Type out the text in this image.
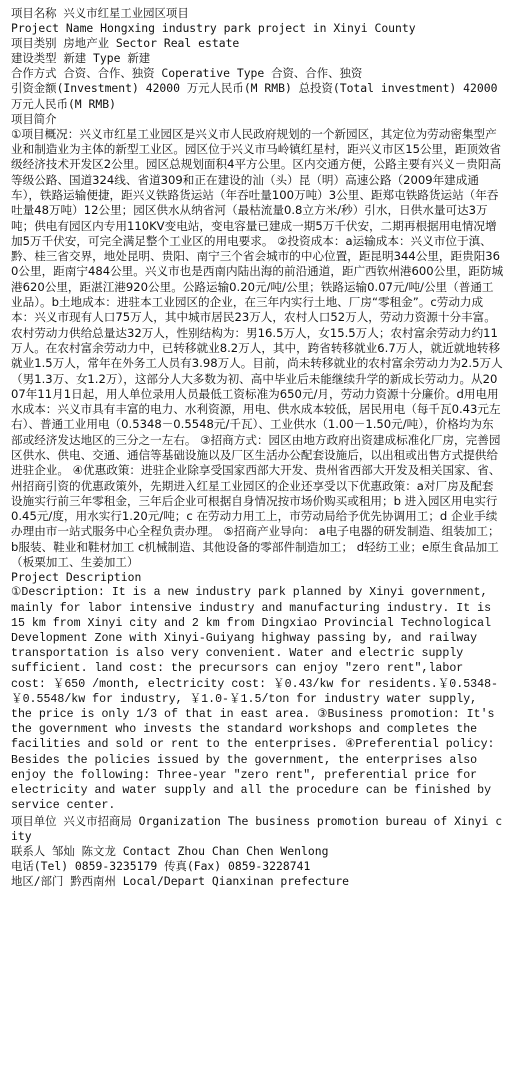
项目名称 兴义市红星工业园区项目

Project Name Hongxing industry park project in Xinyi County

项目类别 房地产业 Sector Real estate

建设类型 新建 Type 新建

合作方式 合资、合作、独资 Coperative Type 合资、合作、独资

引资金额(Investment) 42000 万元人民币(M RMB) 总投资(Total investment) 42000 万元人民币(M RMB)

项目简介

①项目概况：兴义市红星工业园区是兴义市人民政府规划的一个新园区，其定位为劳动密集型产业和制造业为主体的新型工业区。园区位于兴义市马岭镇红星村，距兴义市区15公里，距顶效省级经济技术开发区2公里。园区总规划面积4平方公里。区内交通方便，公路主要有兴义－贵阳高等级公路、国道324线、省道309和正在建设的汕（头）昆（明）高速公路（2009年建成通车），铁路运输便捷，距兴义铁路货运站（年吞吐量100万吨）3公里、距郑屯铁路货运站（年吞吐量48万吨）12公里；园区供水从纳省河（最枯流量0.8立方米/秒）引水，日供水量可达3万吨；供电有园区内专用110KV变电站，变电容量已建成一期5万千伏安，二期再根据用电情况增加5万千伏安，可完全满足整个工业区的用电要求。 ②投资成本：a运输成本：兴义市位于滇、黔、桂三省交界，地处昆明、贵阳、南宁三个省会城市的中心位置，距昆明344公里，距贵阳360公里，距南宁484公里。兴义市也是西南内陆出海的前沿通道，距广西钦州港600公里，距防城港620公里，距湛江港920公里。公路运输0.20元/吨/公里；铁路运输0.07元/吨/公里（普通工业品）。b土地成本：进驻本工业园区的企业，在三年内实行土地、厂房“零租金”。c劳动力成本：兴义市现有人口75万人，其中城市居民23万人，农村人口52万人，劳动力资源十分丰富。农村劳动力供给总量达32万人，性别结构为：男16.5万人，女15.5万人；农村富余劳动力约11万人。在农村富余劳动力中，已转移就业8.2万人，其中，跨省转移就业6.7万人，就近就地转移就业1.5万人，常年在外务工人员有3.98万人。目前，尚未转移就业的农村富余劳动力为2.5万人（男1.3万、女1.2万），这部分人大多数为初、高中毕业后未能继续升学的新成长劳动力。从2007年11月1日起，用人单位录用人员最低工资标准为650元/月，劳动力资源十分廉价。d用电用水成本：兴义市具有丰富的电力、水利资源，用电、供水成本较低，居民用电（每千瓦0.43元左右）、普通工业用电（0.5348－0.5548元/千瓦）、工业供水（1.00－1.50元/吨），价格均为东部或经济发达地区的三分之一左右。 ③招商方式：园区由地方政府出资建成标准化厂房，完善园区供水、供电、交通、通信等基础设施以及厂区生活办公配套设施后，以出租或出售方式提供给进驻企业。 ④优惠政策：进驻企业除享受国家西部大开发、贵州省西部大开发及相关国家、省、州招商引资的优惠政策外，先期进入红星工业园区的企业还享受以下优惠政策：a对厂房及配套设施实行前三年零租金，三年后企业可根据自身情况按市场价购买或租用；b 进入园区用电实行0.45元/度，用水实行1.20元/吨；c 在劳动力用工上，市劳动局给予优先协调用工；d 企业手续办理由市一站式服务中心全程负责办理。 ⑤招商产业导向： a电子电器的研发制造、组装加工；b服装、鞋业和鞋材加工 c机械制造、其他设备的零部件制造加工； d轻纺工业；e原生食品加工（板栗加工、生姜加工）

Project Description

①Description: It is a new industry park planned by Xinyi government, mainly for labor intensive industry and manufacturing industry. It is 15 km from Xinyi city and 2 km from Dingxiao Provincial Technological Development Zone with Xinyi-Guiyang highway passing by, and railway transportation is also very convenient. Water and electric supply sufficient. land cost: the precursors can enjoy "zero rent",labor cost: ￥650 /month, electricity cost: ￥0.43/kw for residents.￥0.5348-￥0.5548/kw for industry, ￥1.0-￥1.5/ton for industry water supply, the price is only 1/3 of that in east area. ③Business promotion: It's the government who invests the standard workshops and completes the facilities and sold or rent to the enterprises. ④Preferential policy: Besides the policies issued by the government, the enterprises also enjoy the following: Three-year "zero rent", preferential price for electricity and water supply and all the procedure can be finished by service center.

项目单位 兴义市招商局 Organization The business promotion bureau of Xinyi city

联系人 邹灿 陈文龙 Contact Zhou Chan Chen Wenlong

电话(Tel) 0859-3235179 传真(Fax) 0859-3228741

地区/部门 黔西南州 Local/Depart Qianxinan prefecture
